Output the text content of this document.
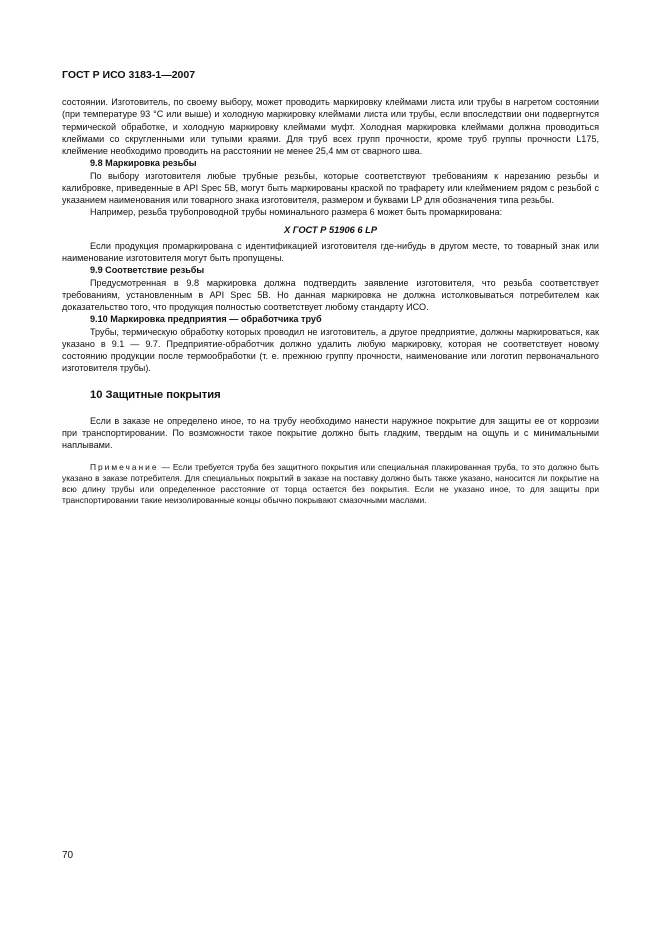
ГОСТ Р ИСО 3183-1—2007

состоянии. Изготовитель, по своему выбору, может проводить маркировку клеймами листа или трубы в нагретом состоянии (при температуре 93 °С или выше) и холодную маркировку клеймами листа или трубы, если впоследствии они подвергнутся термической обработке, и холодную маркировку клеймами муфт. Холодная маркировка клеймами должна проводиться клеймами со скругленными или тупыми краями. Для труб всех групп прочности, кроме труб группы прочности L175, клеймение необходимо проводить на расстоянии не менее 25,4 мм от сварного шва.

9.8 Маркировка резьбы

По выбору изготовителя любые трубные резьбы, которые соответствуют требованиям к нарезанию резьбы и калибровке, приведенные в API Spec 5В, могут быть маркированы краской по трафарету или клеймением рядом с резьбой с указанием наименования или товарного знака изготовителя, размером и буквами LP для обозначения типа резьбы.

Например, резьба трубопроводной трубы номинального размера 6 может быть промаркирована:

X ГОСТ Р 51906 6 LP

Если продукция промаркирована с идентификацией изготовителя где-нибудь в другом месте, то товарный знак или наименование изготовителя могут быть пропущены.

9.9 Соответствие резьбы

Предусмотренная в 9.8 маркировка должна подтвердить заявление изготовителя, что резьба соответствует требованиям, установленным в API Spec 5В. Но данная маркировка не должна истолковываться потребителем как доказательство того, что продукция полностью соответствует любому стандарту ИСО.

9.10 Маркировка предприятия — обработчика труб

Трубы, термическую обработку которых проводил не изготовитель, а другое предприятие, должны маркироваться, как указано в 9.1 — 9.7. Предприятие-обработчик должно удалить любую маркировку, которая не соответствует новому состоянию продукции после термообработки (т. е. прежнюю группу прочности, наименование или логотип первоначального изготовителя трубы).

10 Защитные покрытия

Если в заказе не определено иное, то на трубу необходимо нанести наружное покрытие для защиты ее от коррозии при транспортировании. По возможности такое покрытие должно быть гладким, твердым на ощупь и с минимальными наплывами.

Примечание — Если требуется труба без защитного покрытия или специальная плакированная труба, то это должно быть указано в заказе потребителя. Для специальных покрытий в заказе на поставку должно быть также указано, наносится ли покрытие на всю длину трубы или определенное расстояние от торца остается без покрытия. Если не указано иное, то для защиты при транспортировании такие неизолированные концы обычно покрывают смазочными маслами.

70
